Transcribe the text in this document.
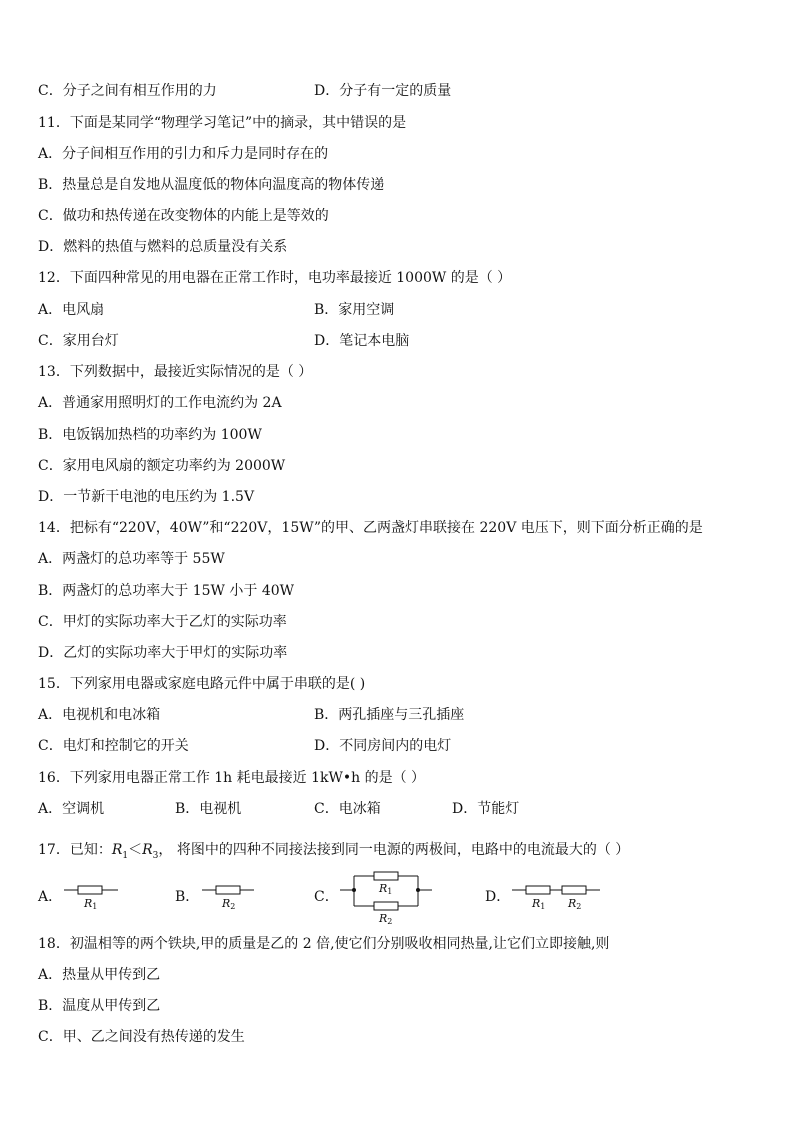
C．分子之间有相互作用的力	D．分子有一定的质量
11．下面是某同学“物理学习笔记”中的摘录，其中错误的是
A．分子间相互作用的引力和斥力是同时存在的
B．热量总是自发地从温度低的物体向温度高的物体传递
C．做功和热传递在改变物体的内能上是等效的
D．燃料的热值与燃料的总质量没有关系
12．下面四种常见的用电器在正常工作时，电功率最接近 1000W 的是（ ）
A．电风扇	B．家用空调
C．家用台灯	D．笔记本电脑
13．下列数据中，最接近实际情况的是（ ）
A．普通家用照明灯的工作电流约为 2A
B．电饭锅加热档的功率约为 100W
C．家用电风扇的额定功率约为 2000W
D．一节新干电池的电压约为 1.5V
14．把标有“220V，40W”和“220V，15W”的甲、乙两盏灯串联接在 220V 电压下，则下面分析正确的是
A．两盏灯的总功率等于 55W
B．两盏灯的总功率大于 15W 小于 40W
C．甲灯的实际功率大于乙灯的实际功率
D．乙灯的实际功率大于甲灯的实际功率
15．下列家用电器或家庭电路元件中属于串联的是( )
A．电视机和电冰箱	B．两孔插座与三孔插座
C．电灯和控制它的开关	D．不同房间内的电灯
16．下列家用电器正常工作 1h 耗电最接近 1kW•h 的是（ ）
A．空调机	B．电视机	C．电冰箱	D．节能灯
17．已知：$R_1<R_3$， 将图中的四种不同接法接到同一电源的两极间，电路中的电流最大的（ ）
A． R1
B． R2
C．
R1
R2
D． R1 R2
18．初温相等的两个铁块,甲的质量是乙的 2 倍,使它们分别吸收相同热量,让它们立即接触,则
A．热量从甲传到乙
B．温度从甲传到乙
C．甲、乙之间没有热传递的发生
